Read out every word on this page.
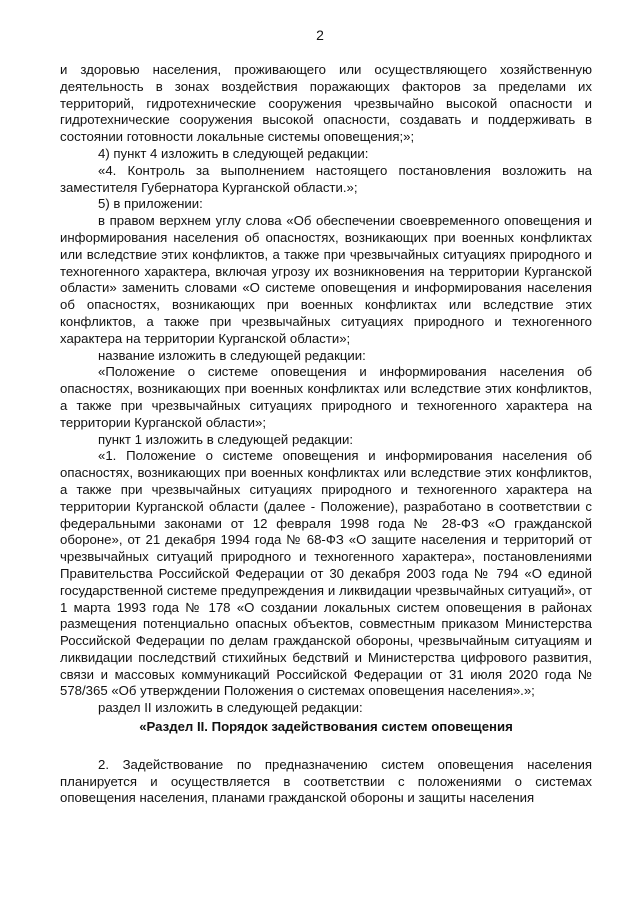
2

и здоровью населения, проживающего или осуществляющего хозяйственную деятельность в зонах воздействия поражающих факторов за пределами их территорий, гидротехнические сооружения чрезвычайно высокой опасности и гидротехнические сооружения высокой опасности, создавать и поддерживать в состоянии готовности локальные системы оповещения;»;

4) пункт 4 изложить в следующей редакции:

«4. Контроль за выполнением настоящего постановления возложить на заместителя Губернатора Курганской области.»;

5) в приложении:

в правом верхнем углу слова «Об обеспечении своевременного оповещения и информирования населения об опасностях, возникающих при военных конфликтах или вследствие этих конфликтов, а также при чрезвычайных ситуациях природного и техногенного характера, включая угрозу их возникновения на территории Курганской области» заменить словами «О системе оповещения и информирования населения об опасностях, возникающих при военных конфликтах или вследствие этих конфликтов, а также при чрезвычайных ситуациях природного и техногенного характера на территории Курганской области»;

название изложить в следующей редакции:

«Положение о системе оповещения и информирования населения об опасностях, возникающих при военных конфликтах или вследствие этих конфликтов, а также при чрезвычайных ситуациях природного и техногенного характера на территории Курганской области»;

пункт 1 изложить в следующей редакции:

«1. Положение о системе оповещения и информирования населения об опасностях, возникающих при военных конфликтах или вследствие этих конфликтов, а также при чрезвычайных ситуациях природного и техногенного характера на территории Курганской области (далее - Положение), разработано в соответствии с федеральными законами от 12 февраля 1998 года № 28-ФЗ «О гражданской обороне», от 21 декабря 1994 года № 68-ФЗ «О защите населения и территорий от чрезвычайных ситуаций природного и техногенного характера», постановлениями Правительства Российской Федерации от 30 декабря 2003 года № 794 «О единой государственной системе предупреждения и ликвидации чрезвычайных ситуаций», от 1 марта 1993 года № 178 «О создании локальных систем оповещения в районах размещения потенциально опасных объектов, совместным приказом Министерства Российской Федерации по делам гражданской обороны, чрезвычайным ситуациям и ликвидации последствий стихийных бедствий и Министерства цифрового развития, связи и массовых коммуникаций Российской Федерации от 31 июля 2020 года № 578/365 «Об утверждении Положения о системах оповещения населения».»;

раздел II изложить в следующей редакции:

«Раздел II. Порядок задействования систем оповещения

2. Задействование по предназначению систем оповещения населения планируется и осуществляется в соответствии с положениями о системах оповещения населения, планами гражданской обороны и защиты населения
